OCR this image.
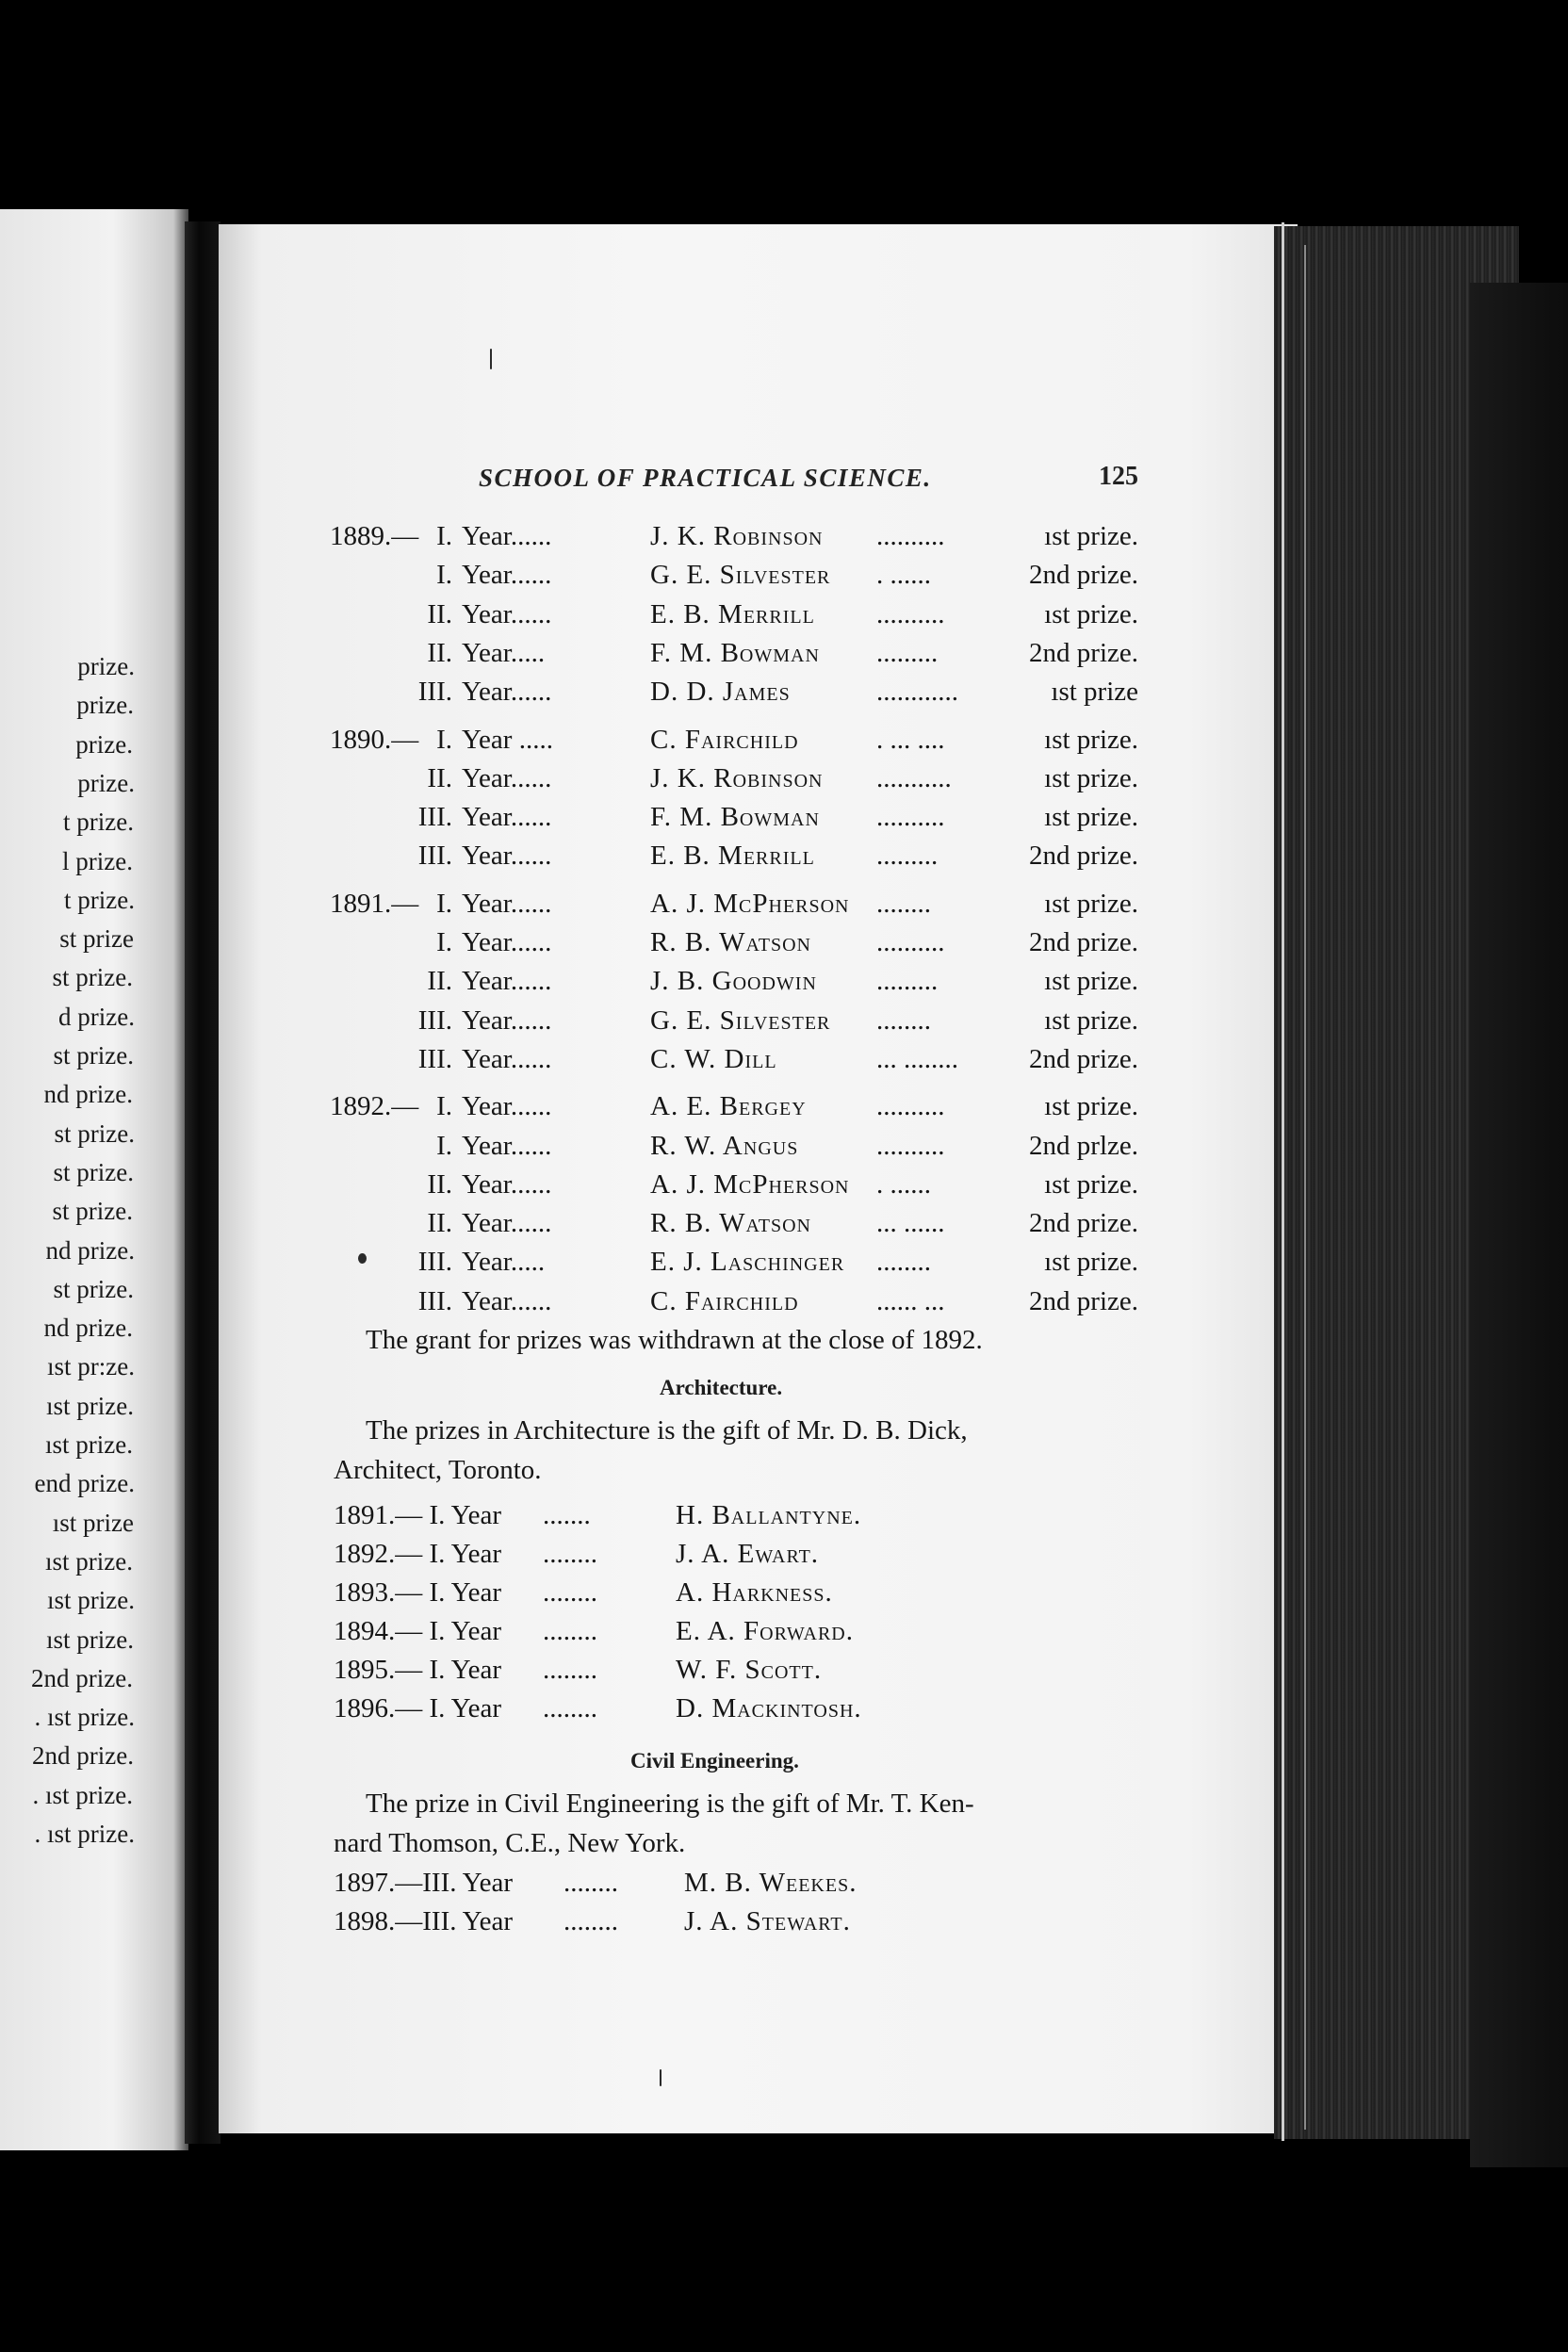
prize.
prize.
prize.
prize.
t prize.
l prize.
t prize.
st prize
st prize.
d prize.
st prize.
nd prize.
st prize.
st prize.
st prize.
nd prize.
st prize.
nd prize.
ıst pr:ze.
ıst prize.
ıst prize.
end prize.
ıst prize
ıst prize.
ıst prize.
ıst prize.
2nd prize.
. ıst prize.
2nd prize.
. ıst prize.
. ıst prize.
SCHOOL OF PRACTICAL SCIENCE.	125
1889.— I. Year......	J. K. Robinson ..........	ıst prize.
I. Year......	G. E. Silvester . ......	2nd prize.
II. Year......	E. B. Merrill ..........	ıst prize.
II. Year.....	F. M. Bowman .........	2nd prize.
III. Year......	D. D. James	............	ıst prize
1890.— I. Year .....	C. Fairchild	. ... ....	ıst prize.
II. Year......	J. K. Robinson ...........	ıst prize.
III. Year......	F. M. Bowman ..........	ıst prize.
III. Year......	E. B. Merrill .........	2nd prize.
1891.— I. Year......	A. J. McPherson ........	ıst prize.
I. Year......	R. B. Watson ..........	2nd prize.
II. Year......	J. B. Goodwin .........	ıst prize.
III. Year......	G. E. Silvester ........	ıst prize.
III. Year......	C. W. Dill	... ........	2nd prize.
1892.— I. Year......	A. E. Bergey	..........	ıst prize.
I. Year......	R. W. Angus	..........	2nd prlze.
II. Year......	A. J. McPherson . ......	ıst prize.
II. Year......	R. B. Watson ... ......	2nd prize.
III. Year.....	E. J. Laschinger ........	ıst prize.
III. Year......	C. Fairchild	...... ...	2nd prize.
The grant for prizes was withdrawn at the close of 1892.
Architecture.
The prizes in Architecture is the gift of Mr. D. B. Dick,
Architect, Toronto.
1891.— I. Year .......	H. Ballantyne.
1892.— I. Year ........	J. A. Ewart.
1893.— I. Year ........	A. Harkness.
1894.— I. Year ........	E. A. Forward.
1895.— I. Year ........	W. F. Scott.
1896.— I. Year ........	D. Mackintosh.
Civil Engineering.
The prize in Civil Engineering is the gift of Mr. T. Ken-
nard Thomson, C.E., New York.
1897.—III. Year ........ M. B. Weekes.
1898.—III. Year ........ J. A. Stewart.
